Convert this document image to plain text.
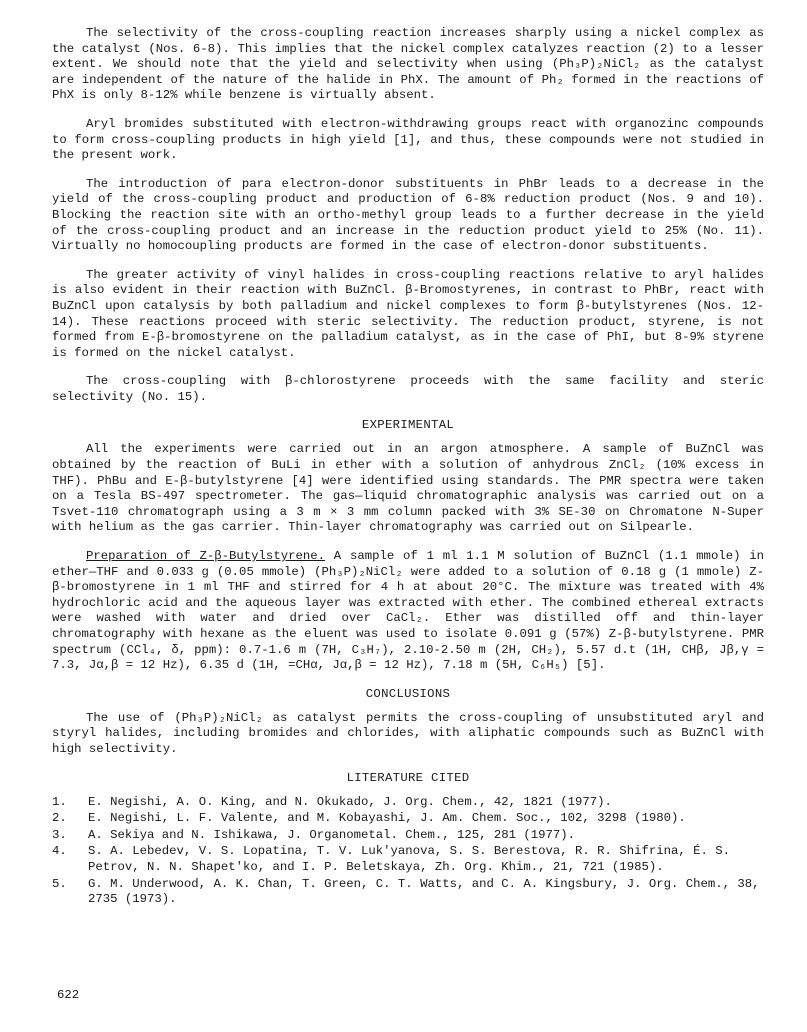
The selectivity of the cross-coupling reaction increases sharply using a nickel complex as the catalyst (Nos. 6-8). This implies that the nickel complex catalyzes reaction (2) to a lesser extent. We should note that the yield and selectivity when using (Ph₃P)₂NiCl₂ as the catalyst are independent of the nature of the halide in PhX. The amount of Ph₂ formed in the reactions of PhX is only 8-12% while benzene is virtually absent.

Aryl bromides substituted with electron-withdrawing groups react with organozinc compounds to form cross-coupling products in high yield [1], and thus, these compounds were not studied in the present work.

The introduction of para electron-donor substituents in PhBr leads to a decrease in the yield of the cross-coupling product and production of 6-8% reduction product (Nos. 9 and 10). Blocking the reaction site with an ortho-methyl group leads to a further decrease in the yield of the cross-coupling product and an increase in the reduction product yield to 25% (No. 11). Virtually no homocoupling products are formed in the case of electron-donor substituents.

The greater activity of vinyl halides in cross-coupling reactions relative to aryl halides is also evident in their reaction with BuZnCl. β-Bromostyrenes, in contrast to PhBr, react with BuZnCl upon catalysis by both palladium and nickel complexes to form β-butylstyrenes (Nos. 12-14). These reactions proceed with steric selectivity. The reduction product, styrene, is not formed from E-β-bromostyrene on the palladium catalyst, as in the case of PhI, but 8-9% styrene is formed on the nickel catalyst.

The cross-coupling with β-chlorostyrene proceeds with the same facility and steric selectivity (No. 15).

EXPERIMENTAL

All the experiments were carried out in an argon atmosphere. A sample of BuZnCl was obtained by the reaction of BuLi in ether with a solution of anhydrous ZnCl₂ (10% excess in THF). PhBu and E-β-butylstyrene [4] were identified using standards. The PMR spectra were taken on a Tesla BS-497 spectrometer. The gas—liquid chromatographic analysis was carried out on a Tsvet-110 chromatograph using a 3 m × 3 mm column packed with 3% SE-30 on Chromatone N-Super with helium as the gas carrier. Thin-layer chromatography was carried out on Silpearle.

Preparation of Z-β-Butylstyrene. A sample of 1 ml 1.1 M solution of BuZnCl (1.1 mmole) in ether—THF and 0.033 g (0.05 mmole) (Ph₃P)₂NiCl₂ were added to a solution of 0.18 g (1 mmole) Z-β-bromostyrene in 1 ml THF and stirred for 4 h at about 20°C. The mixture was treated with 4% hydrochloric acid and the aqueous layer was extracted with ether. The combined ethereal extracts were washed with water and dried over CaCl₂. Ether was distilled off and thin-layer chromatography with hexane as the eluent was used to isolate 0.091 g (57%) Z-β-butylstyrene. PMR spectrum (CCl₄, δ, ppm): 0.7-1.6 m (7H, C₃H₇), 2.10-2.50 m (2H, CH₂), 5.57 d.t (1H, CHβ, Jβ,γ = 7.3, Jα,β = 12 Hz), 6.35 d (1H, =CHα, Jα,β = 12 Hz), 7.18 m (5H, C₆H₅) [5].

CONCLUSIONS

The use of (Ph₃P)₂NiCl₂ as catalyst permits the cross-coupling of unsubstituted aryl and styryl halides, including bromides and chlorides, with aliphatic compounds such as BuZnCl with high selectivity.

LITERATURE CITED
1.	E. Negishi, A. O. King, and N. Okukado, J. Org. Chem., 42, 1821 (1977).
2.	E. Negishi, L. F. Valente, and M. Kobayashi, J. Am. Chem. Soc., 102, 3298 (1980).
3.	A. Sekiya and N. Ishikawa, J. Organometal. Chem., 125, 281 (1977).
4.	S. A. Lebedev, V. S. Lopatina, T. V. Luk'yanova, S. S. Berestova, R. R. Shifrina, É. S. Petrov, N. N. Shapet'ko, and I. P. Beletskaya, Zh. Org. Khim., 21, 721 (1985).
5.	G. M. Underwood, A. K. Chan, T. Green, C. T. Watts, and C. A. Kingsbury, J. Org. Chem., 38, 2735 (1973).
622
